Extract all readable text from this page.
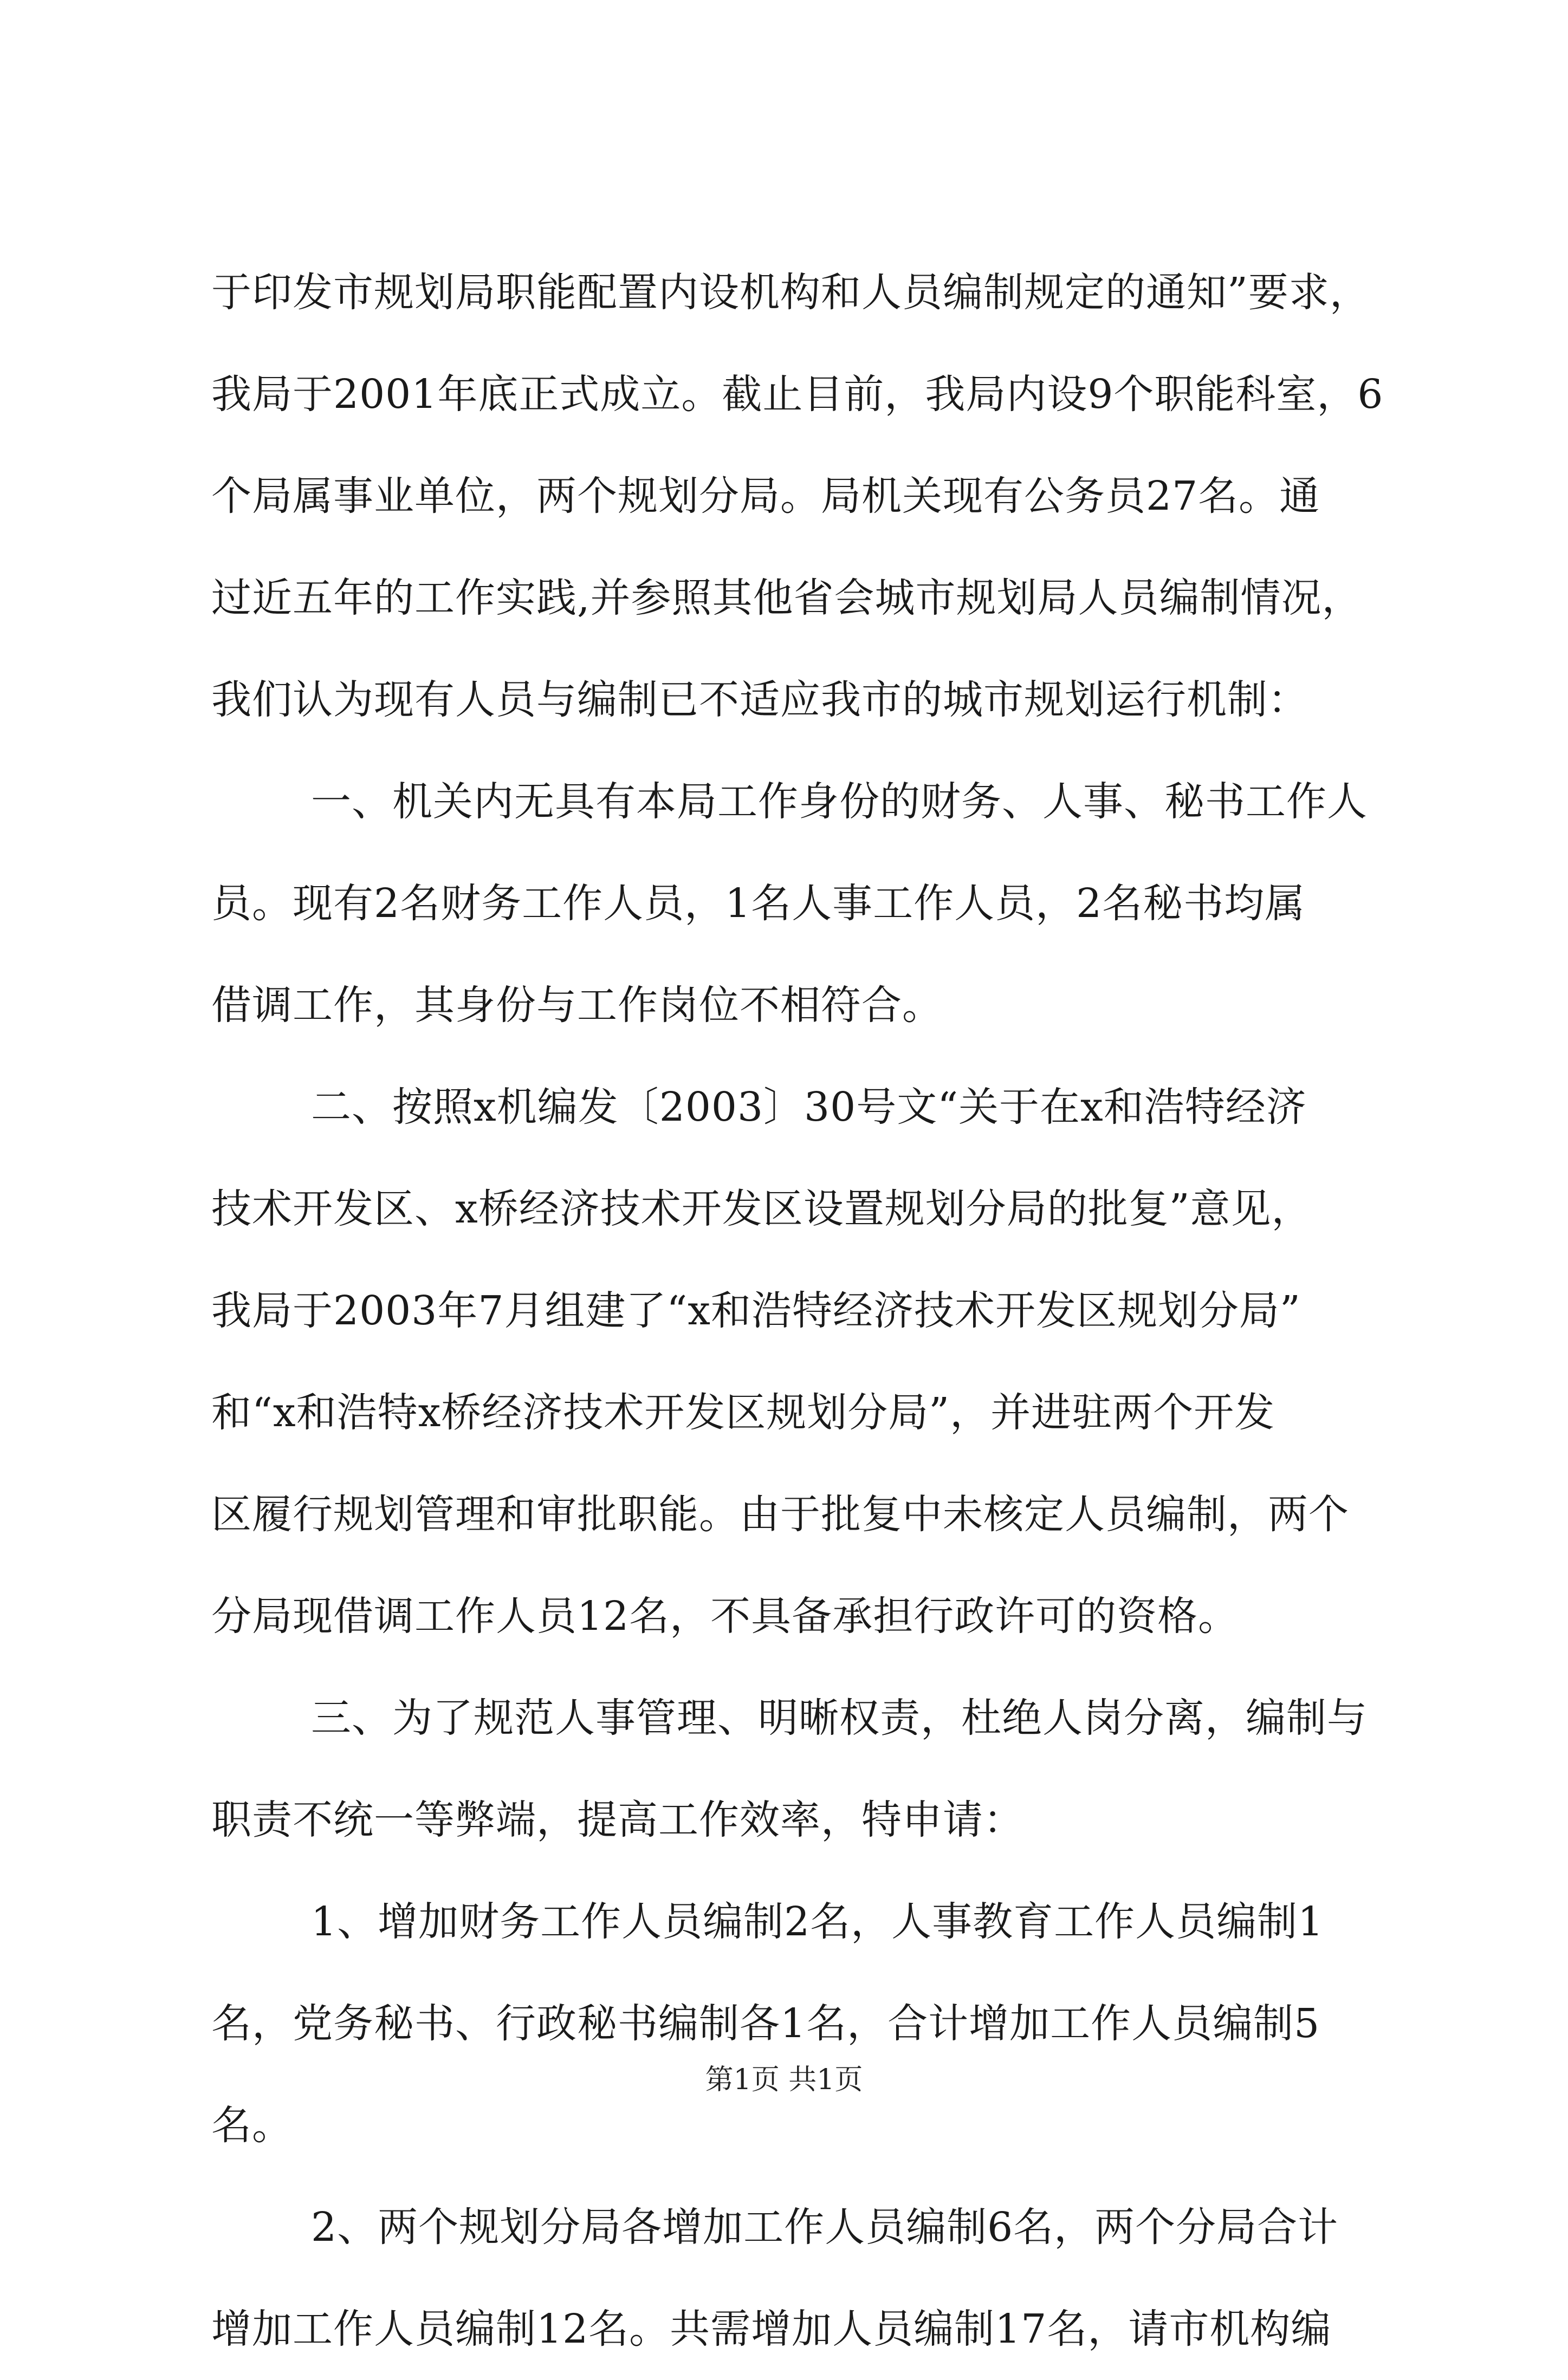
于印发市规划局职能配置内设机构和人员编制规定的通知”要求，
我局于2001年底正式成立。截止目前，我局内设9个职能科室，6
个局属事业单位，两个规划分局。局机关现有公务员27名。通
过近五年的工作实践,并参照其他省会城市规划局人员编制情况，
我们认为现有人员与编制已不适应我市的城市规划运行机制：
一、机关内无具有本局工作身份的财务、人事、秘书工作人
员。现有2名财务工作人员，1名人事工作人员，2名秘书均属
借调工作，其身份与工作岗位不相符合。
二、按照x机编发〔2003〕30号文“关于在x和浩特经济
技术开发区、x桥经济技术开发区设置规划分局的批复”意见，
我局于2003年7月组建了“x和浩特经济技术开发区规划分局”
和“x和浩特x桥经济技术开发区规划分局”，并进驻两个开发
区履行规划管理和审批职能。由于批复中未核定人员编制，两个
分局现借调工作人员12名，不具备承担行政许可的资格。
三、为了规范人事管理、明晰权责，杜绝人岗分离，编制与
职责不统一等弊端，提高工作效率，特申请：
1、增加财务工作人员编制2名，人事教育工作人员编制1
名，党务秘书、行政秘书编制各1名，合计增加工作人员编制5
名。
2、两个规划分局各增加工作人员编制6名，两个分局合计
增加工作人员编制12名。共需增加人员编制17名，请市机构编
第1页 共1页
